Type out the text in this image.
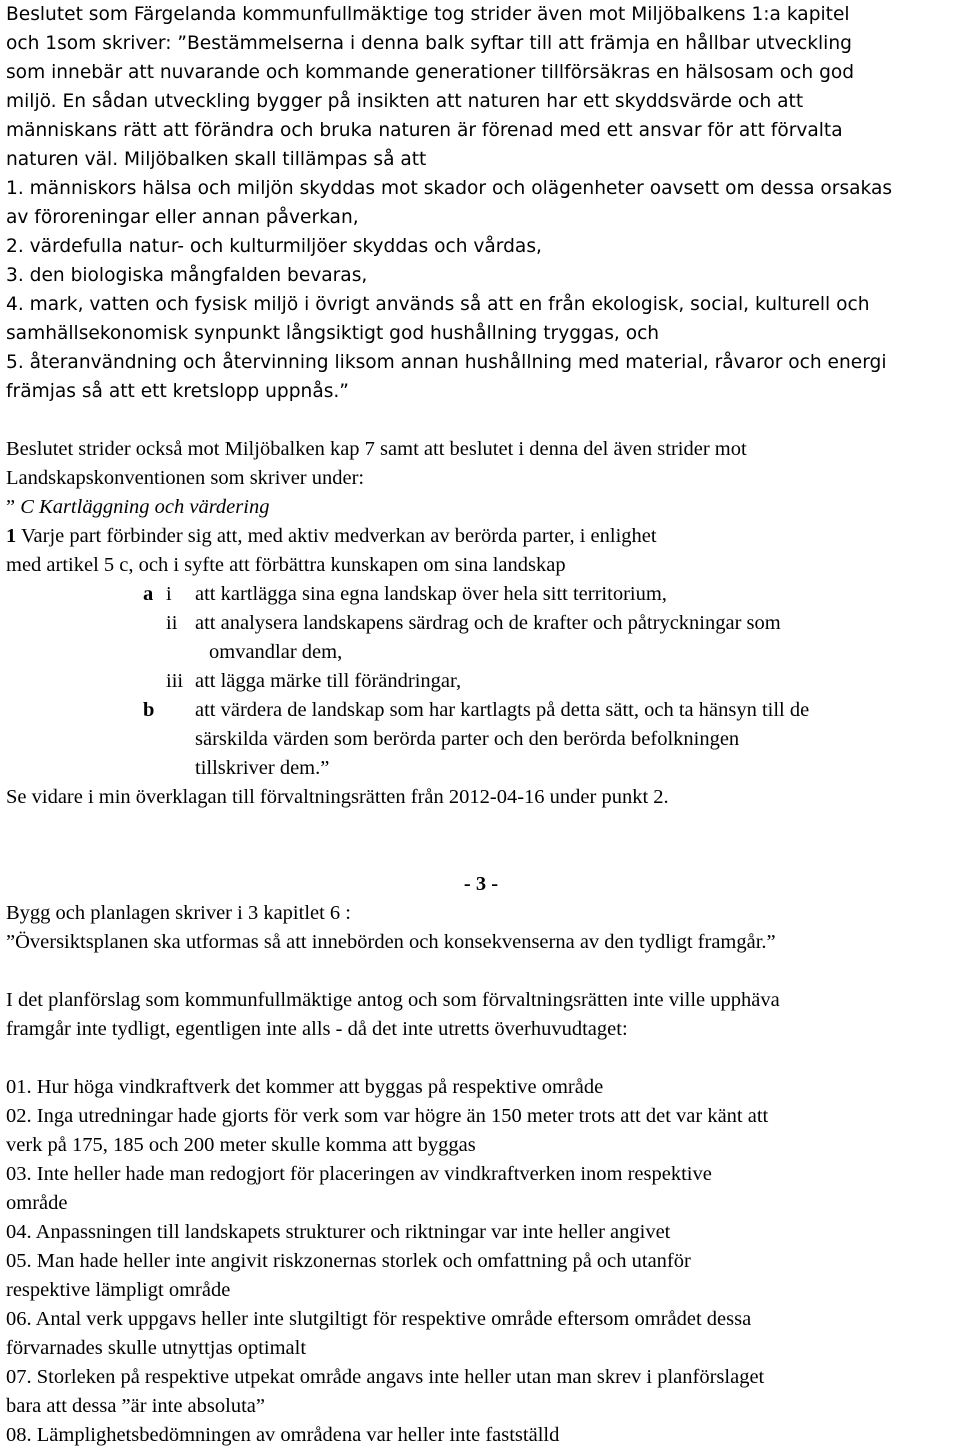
Beslutet som Färgelanda kommunfullmäktige tog strider även mot Miljöbalkens 1:a kapitel

och 1som skriver: ”Bestämmelserna i denna balk syftar till att främja en hållbar utveckling

som innebär att nuvarande och kommande generationer tillförsäkras en hälsosam och god

miljö. En sådan utveckling bygger på insikten att naturen har ett skyddsvärde och att

människans rätt att förändra och bruka naturen är förenad med ett ansvar för att förvalta

naturen väl. Miljöbalken skall tillämpas så att

1. människors hälsa och miljön skyddas mot skador och olägenheter oavsett om dessa orsakas

av föroreningar eller annan påverkan,

2. värdefulla natur- och kulturmiljöer skyddas och vårdas,

3. den biologiska mångfalden bevaras,

4. mark, vatten och fysisk miljö i övrigt används så att en från ekologisk, social, kulturell och

samhällsekonomisk synpunkt långsiktigt god hushållning tryggas, och

5. återanvändning och återvinning liksom annan hushållning med material, råvaror och energi

främjas så att ett kretslopp uppnås.”

Beslutet strider också mot Miljöbalken kap 7 samt att beslutet i denna del även strider mot

Landskapskonventionen som skriver under:

” C Kartläggning och värdering

1 Varje part förbinder sig att, med aktiv medverkan av berörda parter, i enlighet

med artikel 5 c, och i syfte att förbättra kunskapen om sina landskap

a i att kartlägga sina egna landskap över hela sitt territorium,

ii att analysera landskapens särdrag och de krafter och påtryckningar som

omvandlar dem,

iii att lägga märke till förändringar,

b att värdera de landskap som har kartlagts på detta sätt, och ta hänsyn till de

särskilda värden som berörda parter och den berörda befolkningen

tillskriver dem.”

Se vidare i min överklagan till förvaltningsrätten från 2012-04-16 under punkt 2.

- 3 -

Bygg och planlagen skriver i 3 kapitlet 6 :

”Översiktsplanen ska utformas så att innebörden och konsekvenserna av den tydligt framgår.”

I det planförslag som kommunfullmäktige antog och som förvaltningsrätten inte ville upphäva

framgår inte tydligt, egentligen inte alls - då det inte utretts överhuvudtaget:

01. Hur höga vindkraftverk det kommer att byggas på respektive område

02. Inga utredningar hade gjorts för verk som var högre än 150 meter trots att det var känt att

verk på 175, 185 och 200 meter skulle komma att byggas

03. Inte heller hade man redogjort för placeringen av vindkraftverken inom respektive

område

04. Anpassningen till landskapets strukturer och riktningar var inte heller angivet

05. Man hade heller inte angivit riskzonernas storlek och omfattning på och utanför

respektive lämpligt område

06. Antal verk uppgavs heller inte slutgiltigt för respektive område eftersom området dessa

förvarnades skulle utnyttjas optimalt

07. Storleken på respektive utpekat område angavs inte heller utan man skrev i planförslaget

bara att dessa ”är inte absoluta”

08. Lämplighetsbedömningen av områdena var heller inte fastställd
